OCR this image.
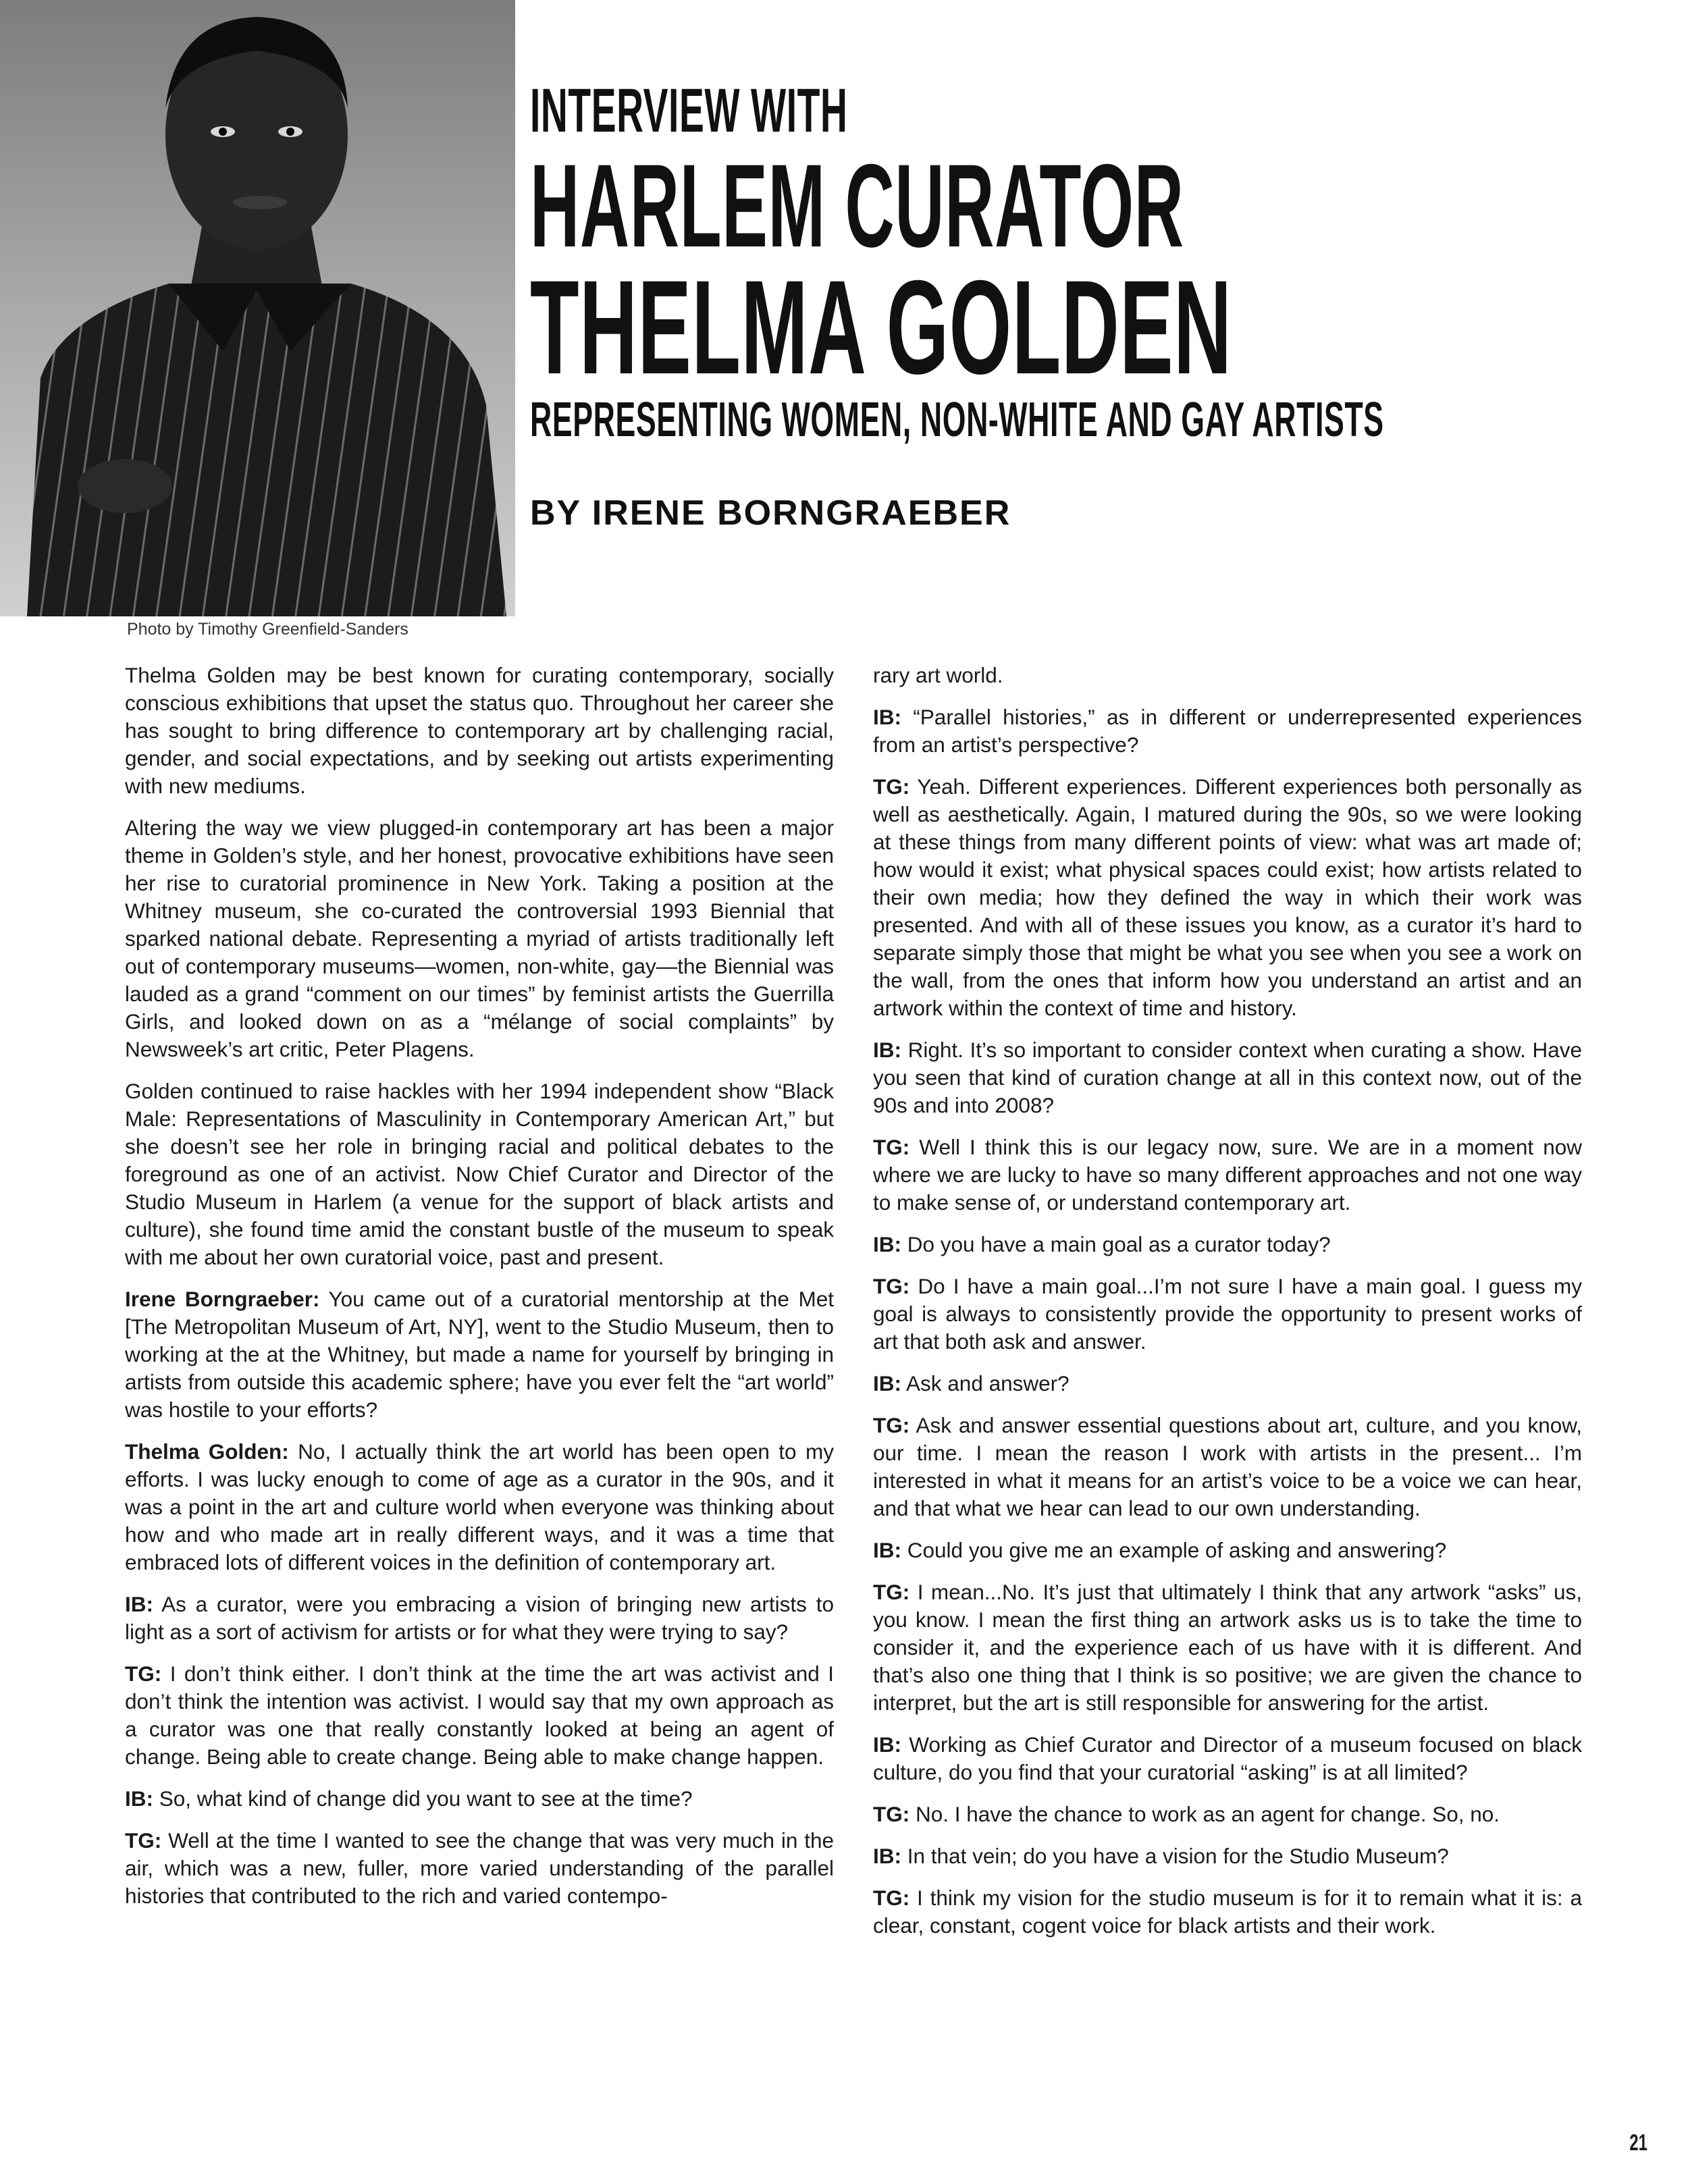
Photo by Timothy Greenfield-Sanders
INTERVIEW WITH
HARLEM CURATOR
THELMA GOLDEN
REPRESENTING WOMEN, NON-WHITE AND GAY ARTISTS
BY IRENE BORNGRAEBER

Thelma Golden may be best known for curating contemporary, socially conscious exhibitions that upset the status quo. Throughout her career she has sought to bring difference to contemporary art by challenging racial, gender, and social expectations, and by seeking out artists experimenting with new mediums.

Altering the way we view plugged-in contemporary art has been a major theme in Golden’s style, and her honest, provocative exhibitions have seen her rise to curatorial prominence in New York. Taking a position at the Whitney museum, she co-curated the controversial 1993 Biennial that sparked national debate. Representing a myriad of artists traditionally left out of contemporary museums—women, non-white, gay—the Biennial was lauded as a grand “comment on our times” by feminist artists the Guerrilla Girls, and looked down on as a “mélange of social complaints” by Newsweek’s art critic, Peter Plagens.

Golden continued to raise hackles with her 1994 independent show “Black Male: Representations of Masculinity in Contemporary American Art,” but she doesn’t see her role in bringing racial and political debates to the foreground as one of an activist. Now Chief Curator and Director of the Studio Museum in Harlem (a venue for the support of black artists and culture), she found time amid the constant bustle of the museum to speak with me about her own curatorial voice, past and present.

Irene Borngraeber: You came out of a curatorial mentorship at the Met [The Metropolitan Museum of Art, NY], went to the Studio Museum, then to working at the at the Whitney, but made a name for yourself by bringing in artists from outside this academic sphere; have you ever felt the “art world” was hostile to your efforts?

Thelma Golden: No, I actually think the art world has been open to my efforts. I was lucky enough to come of age as a curator in the 90s, and it was a point in the art and culture world when everyone was thinking about how and who made art in really different ways, and it was a time that embraced lots of different voices in the definition of contemporary art.

IB: As a curator, were you embracing a vision of bringing new artists to light as a sort of activism for artists or for what they were trying to say?

TG: I don’t think either. I don’t think at the time the art was activist and I don’t think the intention was activist. I would say that my own approach as a curator was one that really constantly looked at being an agent of change. Being able to create change. Being able to make change happen.

IB: So, what kind of change did you want to see at the time?

TG: Well at the time I wanted to see the change that was very much in the air, which was a new, fuller, more varied understanding of the parallel histories that contributed to the rich and varied contempo-

rary art world.

IB: “Parallel histories,” as in different or underrepresented experiences from an artist’s perspective?

TG: Yeah. Different experiences. Different experiences both personally as well as aesthetically. Again, I matured during the 90s, so we were looking at these things from many different points of view: what was art made of; how would it exist; what physical spaces could exist; how artists related to their own media; how they defined the way in which their work was presented. And with all of these issues you know, as a curator it’s hard to separate simply those that might be what you see when you see a work on the wall, from the ones that inform how you understand an artist and an artwork within the context of time and history.

IB: Right. It’s so important to consider context when curating a show. Have you seen that kind of curation change at all in this context now, out of the 90s and into 2008?

TG: Well I think this is our legacy now, sure. We are in a moment now where we are lucky to have so many different approaches and not one way to make sense of, or understand contemporary art.

IB: Do you have a main goal as a curator today?

TG: Do I have a main goal...I’m not sure I have a main goal. I guess my goal is always to consistently provide the opportunity to present works of art that both ask and answer.

IB: Ask and answer?

TG: Ask and answer essential questions about art, culture, and you know, our time. I mean the reason I work with artists in the present... I’m interested in what it means for an artist’s voice to be a voice we can hear, and that what we hear can lead to our own understanding.

IB: Could you give me an example of asking and answering?

TG: I mean...No. It’s just that ultimately I think that any artwork “asks” us, you know. I mean the first thing an artwork asks us is to take the time to consider it, and the experience each of us have with it is different. And that’s also one thing that I think is so positive; we are given the chance to interpret, but the art is still responsible for answering for the artist.

IB: Working as Chief Curator and Director of a museum focused on black culture, do you find that your curatorial “asking” is at all limited?

TG: No. I have the chance to work as an agent for change. So, no.

IB: In that vein; do you have a vision for the Studio Museum?

TG: I think my vision for the studio museum is for it to remain what it is: a clear, constant, cogent voice for black artists and their work.

21
